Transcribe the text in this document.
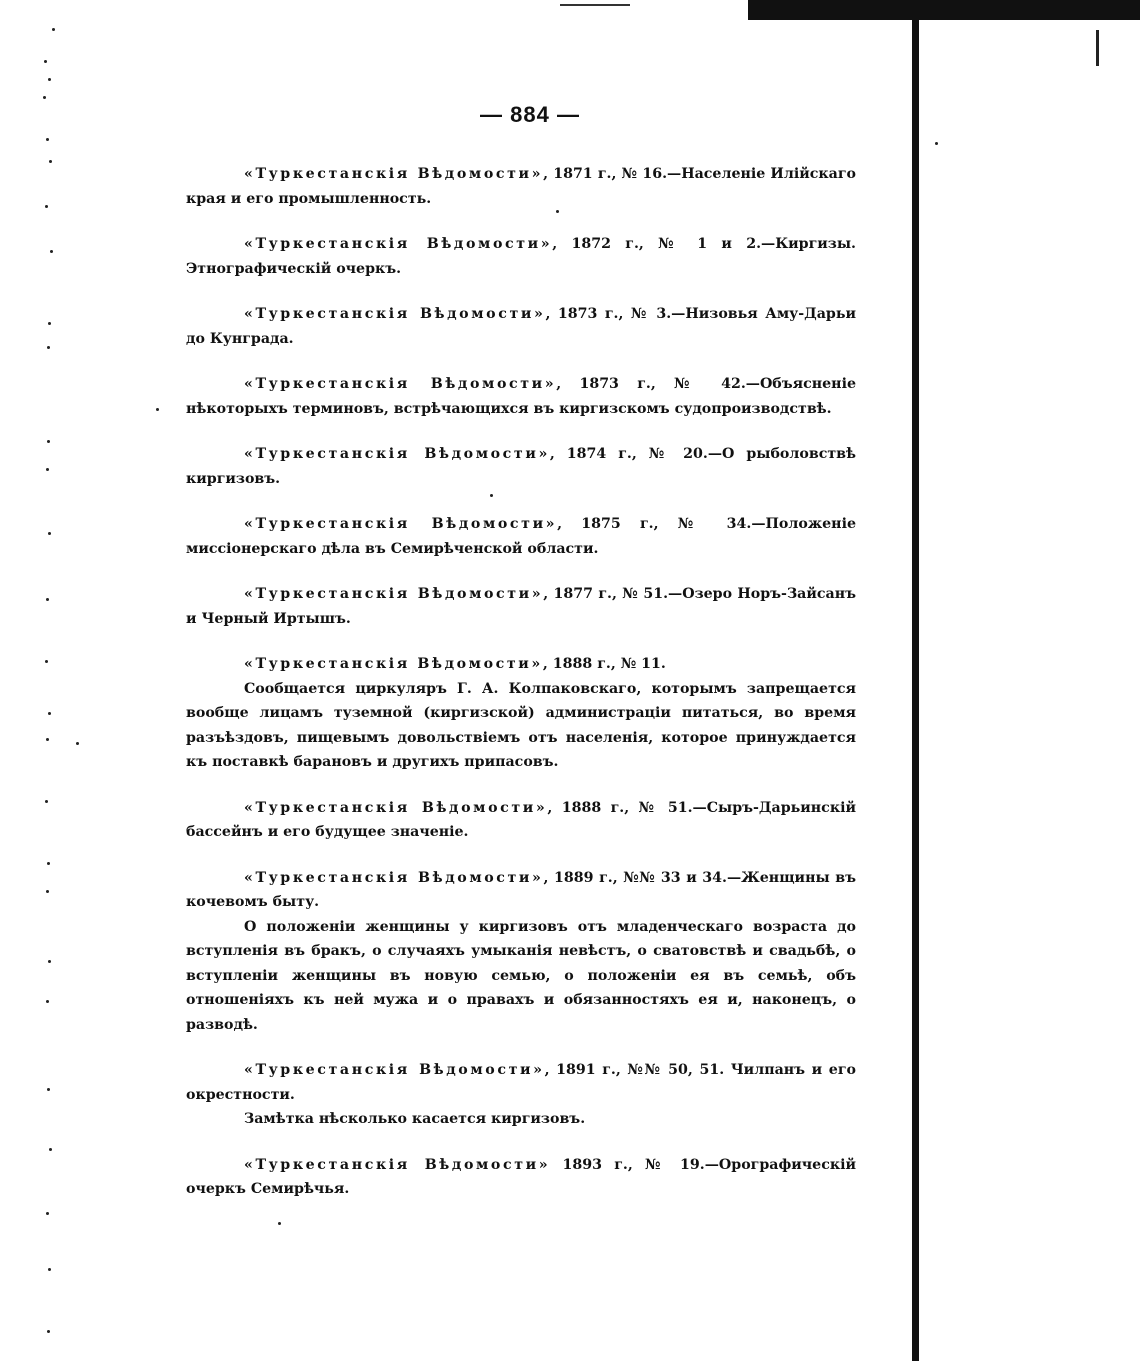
— 884 —

«Туркестанскія Вѣдомости», 1871 г., № 16.—Населеніе Илійскаго края и его промышленность.

«Туркестанскія Вѣдомости», 1872 г., № 1 и 2.—Киргизы. Этнографическій очеркъ.

«Туркестанскія Вѣдомости», 1873 г., № 3.—Низовья Аму-Дарьи до Кунграда.

«Туркестанскія Вѣдомости», 1873 г., № 42.—Объясненіе нѣкоторыхъ терминовъ, встрѣчающихся въ киргизскомъ судопроизводствѣ.

«Туркестанскія Вѣдомости», 1874 г., № 20.—О рыболовствѣ киргизовъ.

«Туркестанскія Вѣдомости», 1875 г., № 34.—Положеніе миссіонерскаго дѣла въ Семирѣченской области.

«Туркестанскія Вѣдомости», 1877 г., № 51.—Озеро Норъ-Зайсанъ и Черный Иртышъ.

«Туркестанскія Вѣдомости», 1888 г., № 11.

Сообщается циркуляръ Г. А. Колпаковскаго, которымъ запрещается вообще лицамъ туземной (киргизской) администраціи питаться, во время разъѣздовъ, пищевымъ довольствіемъ отъ населенія, которое принуждается къ поставкѣ барановъ и другихъ припасовъ.

«Туркестанскія Вѣдомости», 1888 г., № 51.—Сыръ-Дарьинскій бассейнъ и его будущее значеніе.

«Туркестанскія Вѣдомости», 1889 г., №№ 33 и 34.—Женщины въ кочевомъ быту.

О положеніи женщины у киргизовъ отъ младенческаго возраста до вступленія въ бракъ, о случаяхъ умыканія невѣстъ, о сватовствѣ и свадьбѣ, о вступленіи женщины въ новую семью, о положеніи ея въ семьѣ, объ отношеніяхъ къ ней мужа и о правахъ и обязанностяхъ ея и, наконецъ, о разводѣ.

«Туркестанскія Вѣдомости», 1891 г., №№ 50, 51. Чилпанъ и его окрестности.

Замѣтка нѣсколько касается киргизовъ.

«Туркестанскія Вѣдомости» 1893 г., № 19.—Орографическій очеркъ Семирѣчья.
